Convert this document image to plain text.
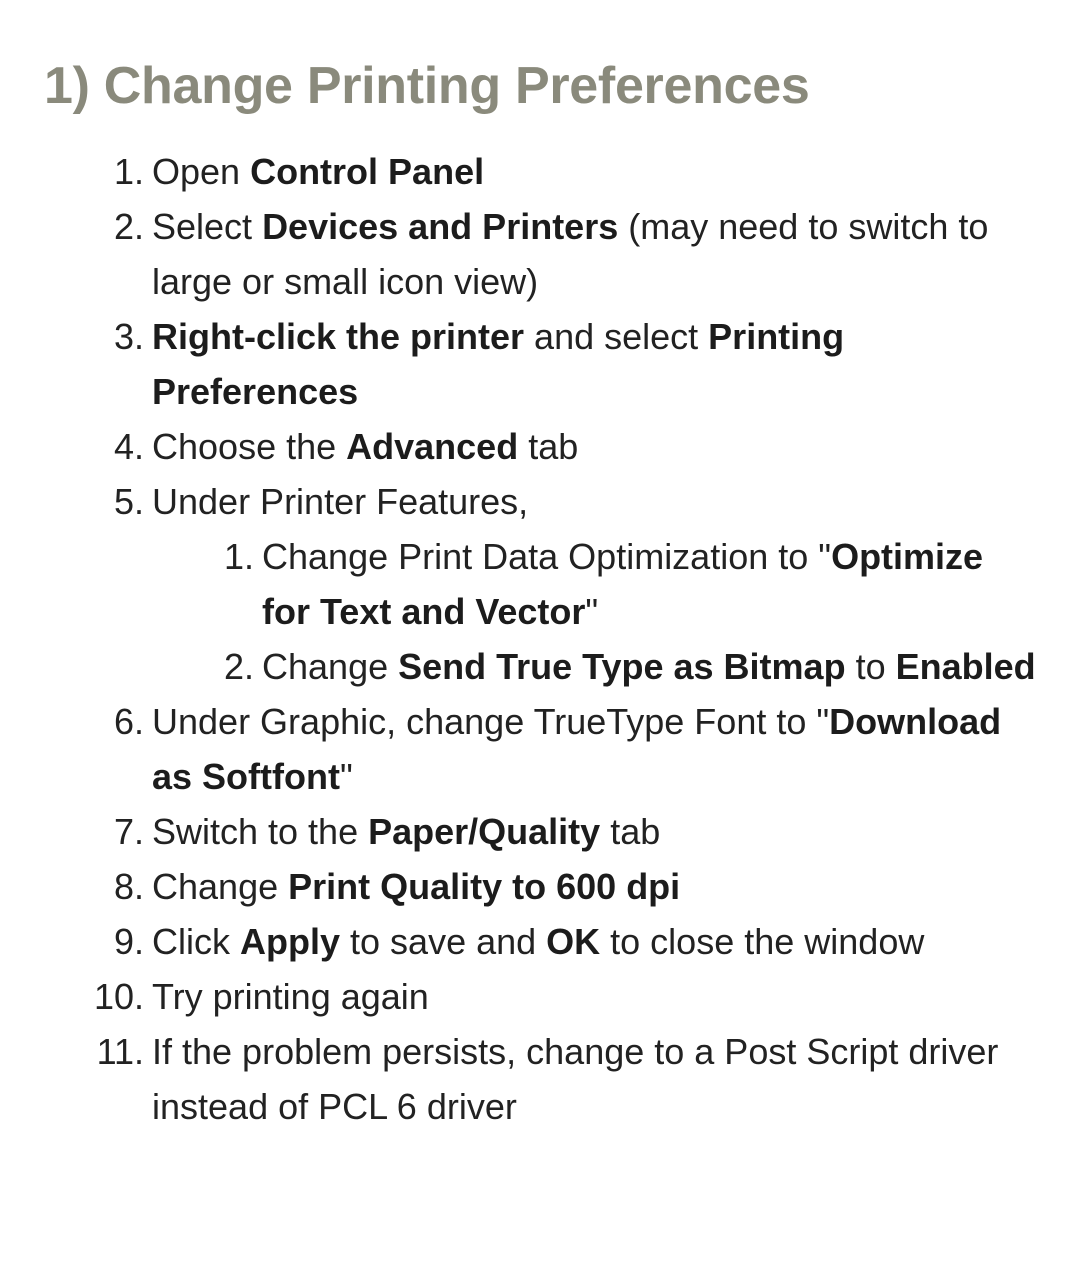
1) Change Printing Preferences
1. Open Control Panel
2. Select Devices and Printers (may need to switch to large or small icon view)
3. Right-click the printer and select Printing Preferences
4. Choose the Advanced tab
5. Under Printer Features,
1. Change Print Data Optimization to "Optimize for Text and Vector"
2. Change Send True Type as Bitmap to Enabled
6. Under Graphic, change TrueType Font to "Download as Softfont"
7. Switch to the Paper/Quality tab
8. Change Print Quality to 600 dpi
9. Click Apply to save and OK to close the window
10. Try printing again
11. If the problem persists, change to a Post Script driver instead of PCL 6 driver
